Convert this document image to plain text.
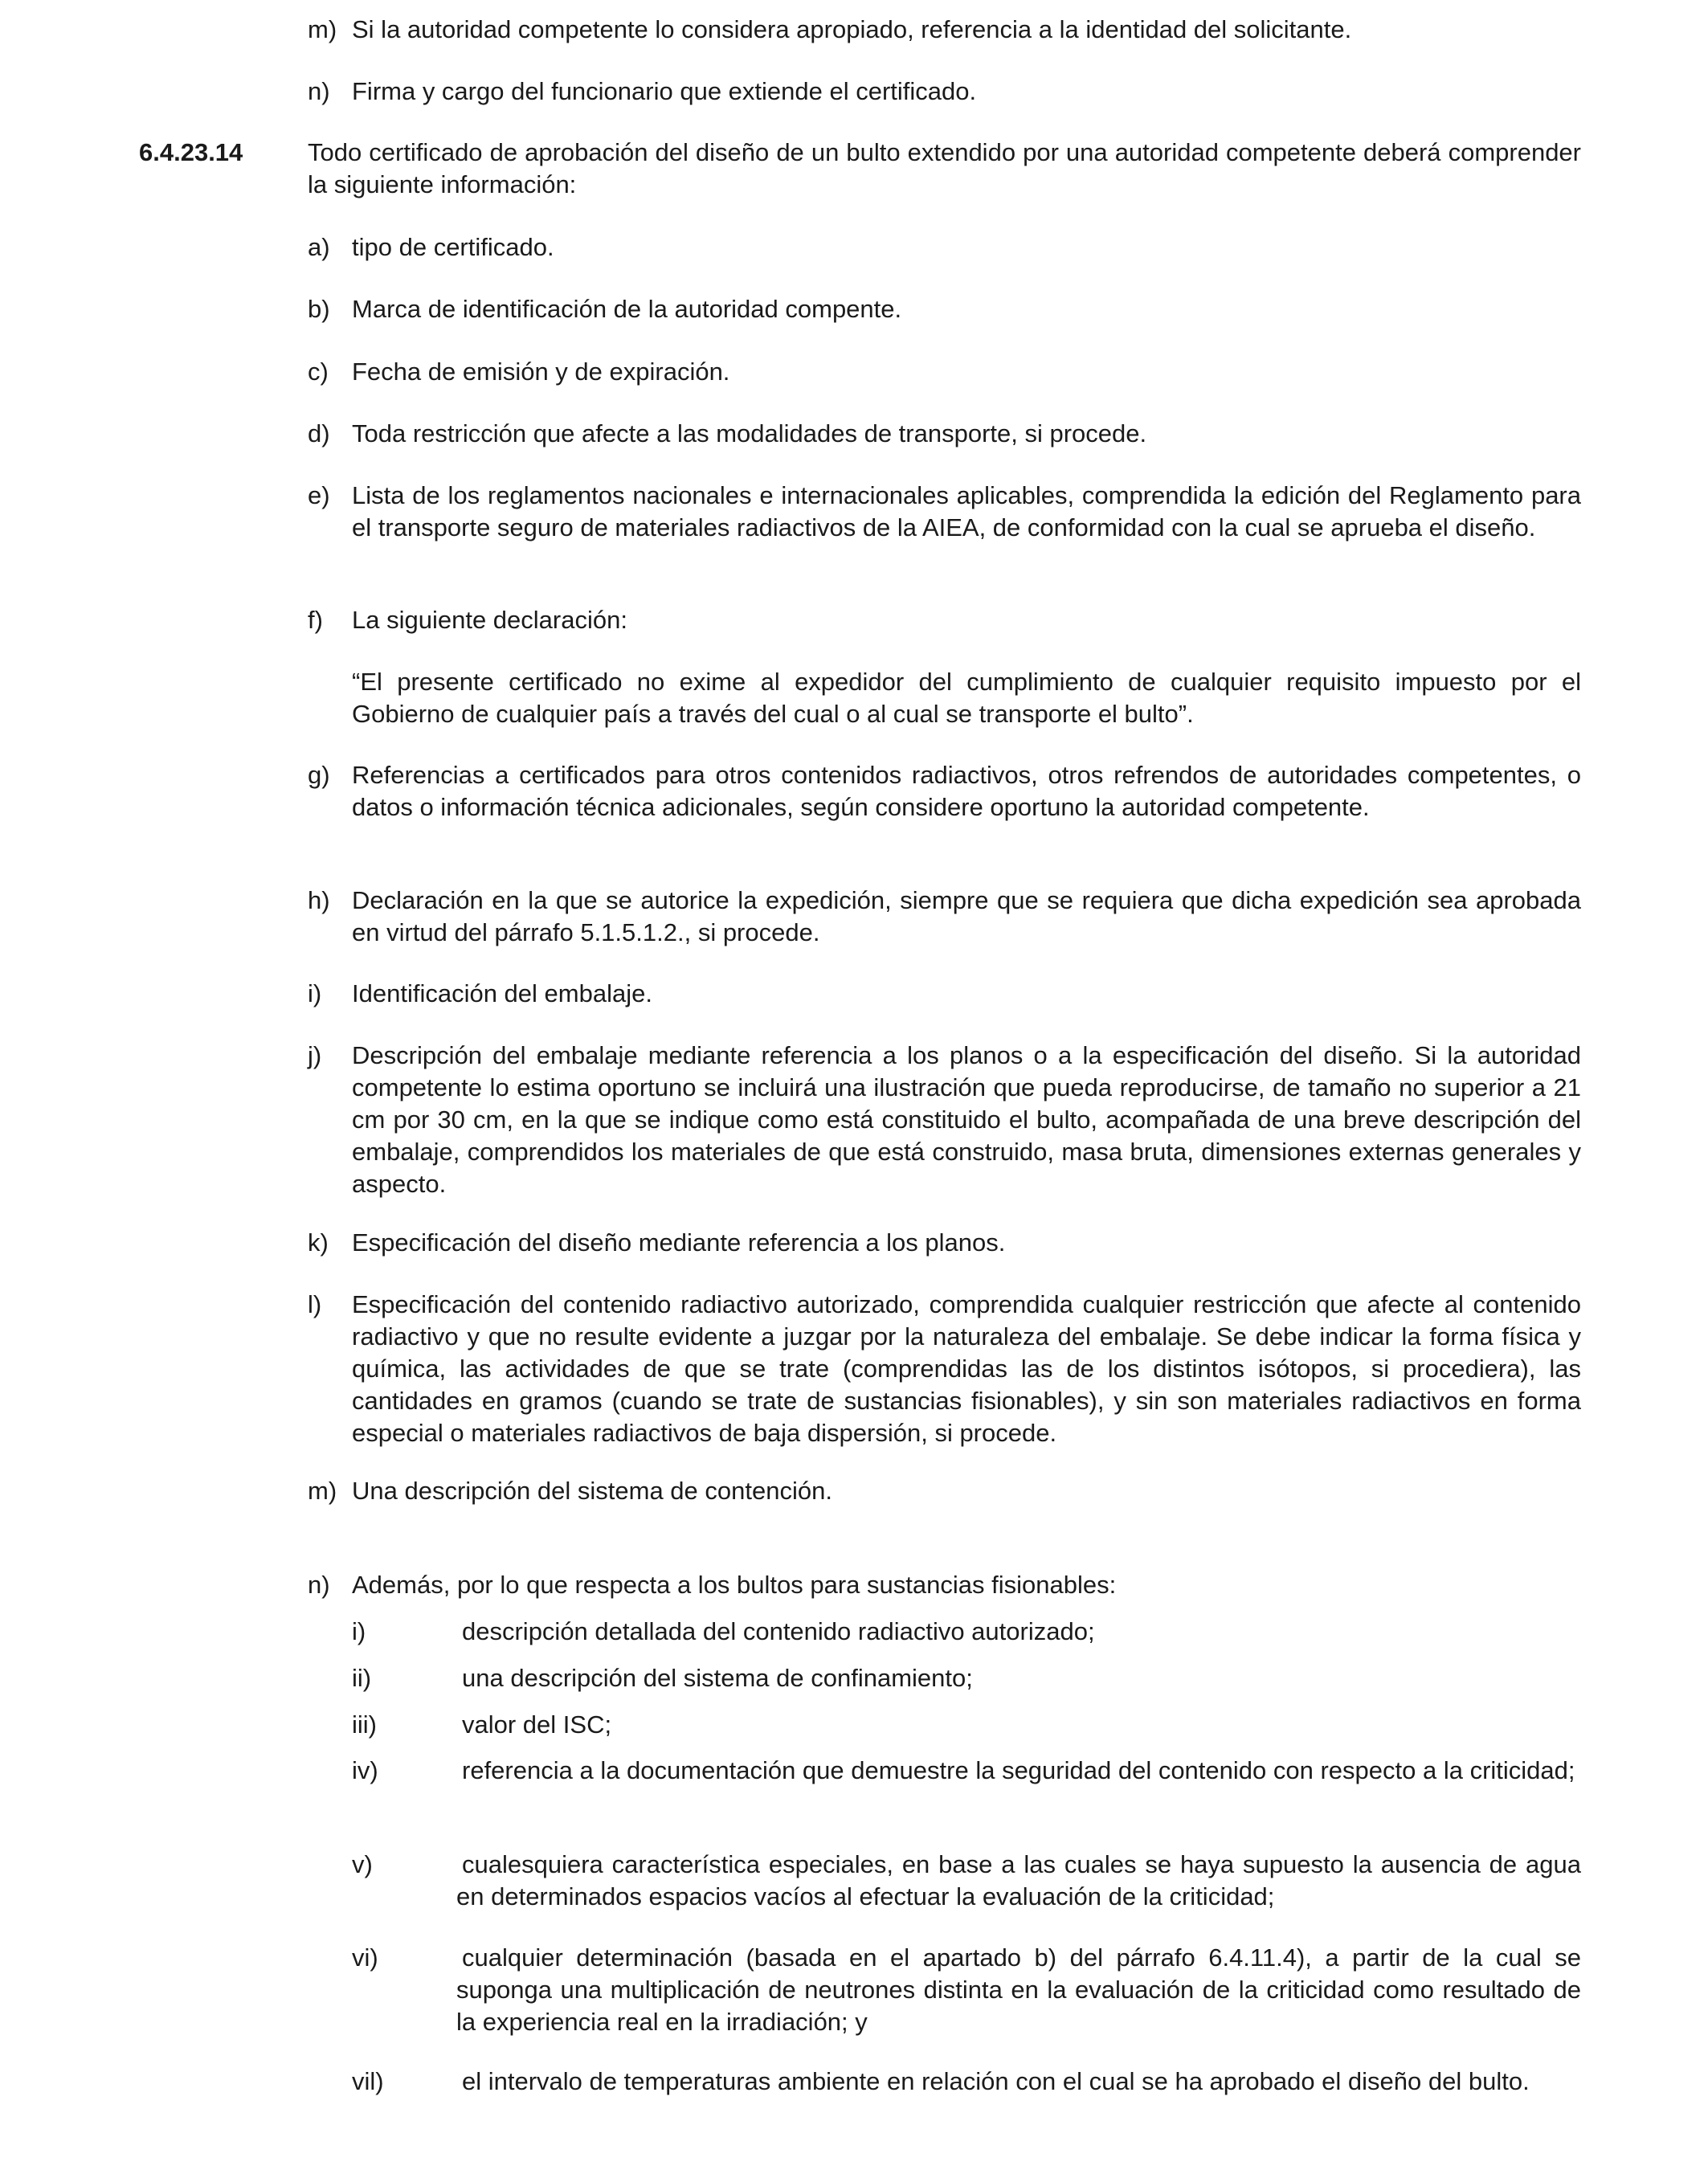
m) Si la autoridad competente lo considera apropiado, referencia a la identidad del solicitante.
n) Firma y cargo del funcionario que extiende el certificado.
6.4.23.14	Todo certificado de aprobación del diseño de un bulto extendido por una autoridad competente deberá comprender la siguiente información:
a) tipo de certificado.
b) Marca de identificación de la autoridad compente.
c) Fecha de emisión y de expiración.
d) Toda restricción que afecte a las modalidades de transporte, si procede.
e) Lista de los reglamentos nacionales e internacionales aplicables, comprendida la edición del Reglamento para el transporte seguro de materiales radiactivos de la AIEA, de conformidad con la cual se aprueba el diseño.
f) La siguiente declaración:
“El presente certificado no exime al expedidor del cumplimiento de cualquier requisito impuesto por el Gobierno de cualquier país a través del cual o al cual se transporte el bulto”.
g) Referencias a certificados para otros contenidos radiactivos, otros refrendos de autoridades competentes, o datos o información técnica adicionales, según considere oportuno la autoridad competente.
h) Declaración en la que se autorice la expedición, siempre que se requiera que dicha expedición sea aprobada en virtud del párrafo 5.1.5.1.2., si procede.
i) Identificación del embalaje.
j) Descripción del embalaje mediante referencia a los planos o a la especificación del diseño. Si la autoridad competente lo estima oportuno se incluirá una ilustración que pueda reproducirse, de tamaño no superior a 21 cm por 30 cm, en la que se indique como está constituido el bulto, acompañada de una breve descripción del embalaje, comprendidos los materiales de que está construido, masa bruta, dimensiones externas generales y aspecto.
k) Especificación del diseño mediante referencia a los planos.
l) Especificación del contenido radiactivo autorizado, comprendida cualquier restricción que afecte al contenido radiactivo y que no resulte evidente a juzgar por la naturaleza del embalaje. Se debe indicar la forma física y química, las actividades de que se trate (comprendidas las de los distintos isótopos, si procediera), las cantidades en gramos (cuando se trate de sustancias fisionables), y sin son materiales radiactivos en forma especial o materiales radiactivos de baja dispersión, si procede.
m) Una descripción del sistema de contención.
n) Además, por lo que respecta a los bultos para sustancias fisionables:
i)	descripción detallada del contenido radiactivo autorizado;
ii)	una descripción del sistema de confinamiento;
iii)	valor del ISC;
iv)	referencia a la documentación que demuestre la seguridad del contenido con respecto a la criticidad;
v)	cualesquiera característica especiales, en base a las cuales se haya supuesto la ausencia de agua en determinados espacios vacíos al efectuar la evaluación de la criticidad;
vi)	cualquier determinación (basada en el apartado b) del párrafo 6.4.11.4), a partir de la cual se suponga una multiplicación de neutrones distinta en la evaluación de la criticidad como resultado de la experiencia real en la irradiación; y
vil)	el intervalo de temperaturas ambiente en relación con el cual se ha aprobado el diseño del bulto.
